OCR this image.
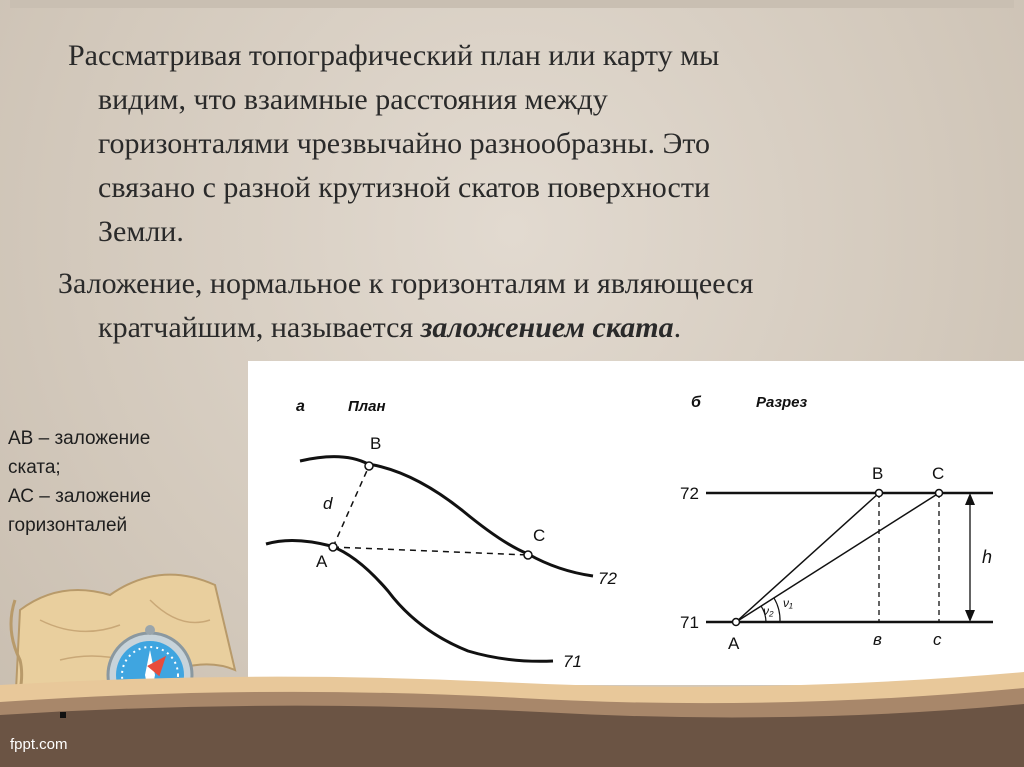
Рассматривая топографический план или карту мы
видим, что взаимные расстояния между
горизонталями чрезвычайно разнообразны. Это
связано с разной крутизной скатов поверхности
Земли.

Заложение, нормальное к горизонталям и являющееся
кратчайшим, называется заложением ската.

АВ – заложение
ската;
АС – заложение
горизонталей
а	План
B
A
C
d
72
71
б	Разрез
72
71
h
B	C
A	в	c
ν₂
ν₁
fppt.com
